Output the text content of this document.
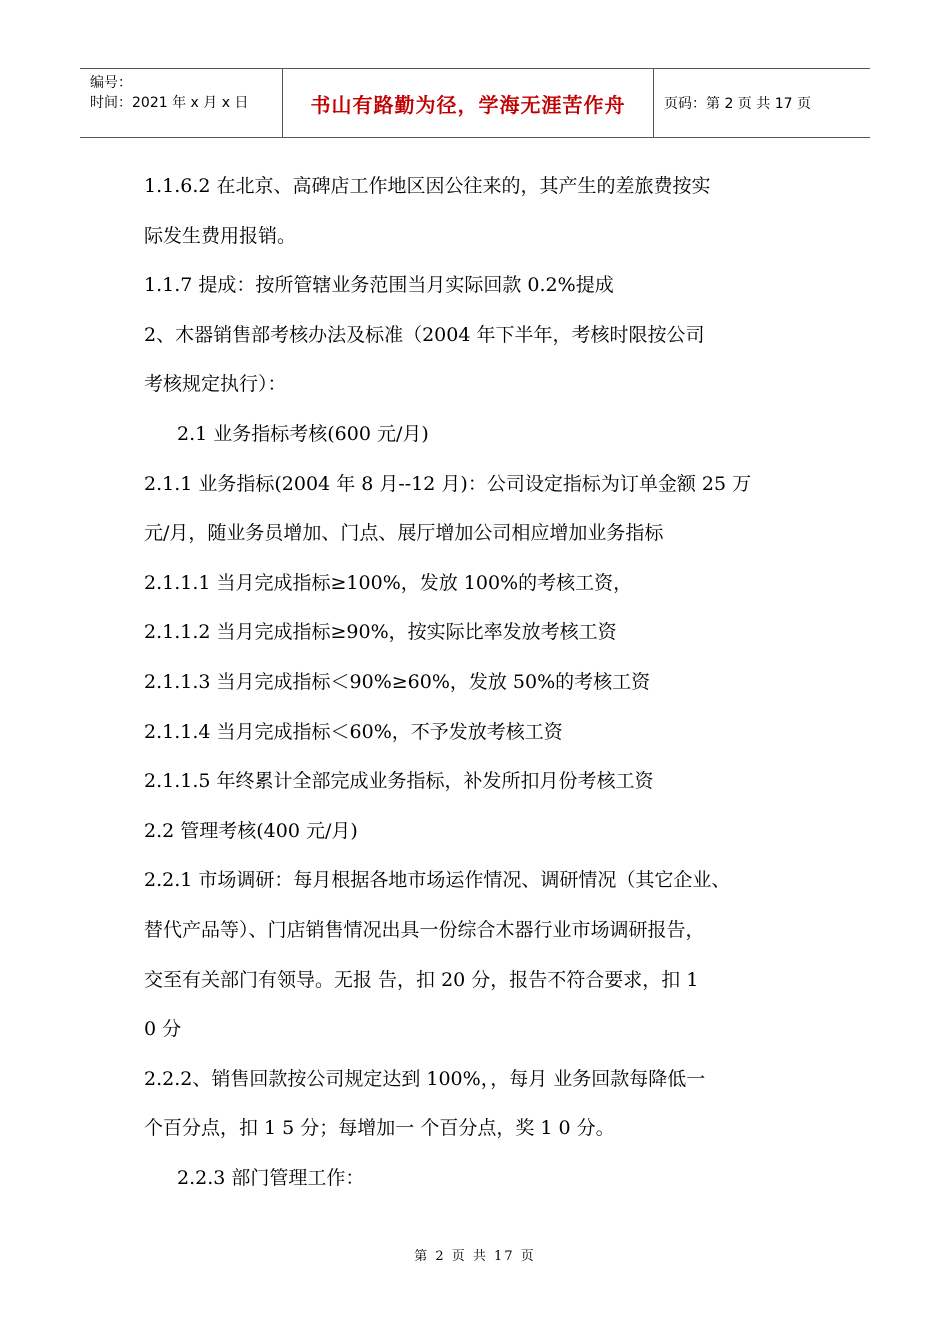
编号：
时间：2021 年 x 月 x 日	书山有路勤为径，学海无涯苦作舟	页码：第 2 页 共 17 页
1.1.6.2 在北京、高碑店工作地区因公往来的，其产生的差旅费按实
际发生费用报销。
1.1.7 提成：按所管辖业务范围当月实际回款 0.2%提成
2、木器销售部考核办法及标准（2004 年下半年，考核时限按公司
考核规定执行）：
2.1 业务指标考核(600 元/月)
2.1.1 业务指标(2004 年 8 月--12 月)：公司设定指标为订单金额 25 万
元/月，随业务员增加、门点、展厅增加公司相应增加业务指标
2.1.1.1 当月完成指标≥100%，发放 100%的考核工资，
2.1.1.2 当月完成指标≥90%，按实际比率发放考核工资
2.1.1.3 当月完成指标＜90%≥60%，发放 50%的考核工资
2.1.1.4 当月完成指标＜60%，不予发放考核工资
2.1.1.5 年终累计全部完成业务指标，补发所扣月份考核工资
2.2 管理考核(400 元/月)
2.2.1 市场调研：每月根据各地市场运作情况、调研情况（其它企业、
替代产品等）、门店销售情况出具一份综合木器行业市场调研报告，
交至有关部门有领导。无报 告，扣 20 分，报告不符合要求，扣 1
0 分
2.2.2、销售回款按公司规定达到 100%，，每月 业务回款每降低一
个百分点，扣 1 5 分；每增加一 个百分点，奖 1 0 分。
2.2.3 部门管理工作：
第 2 页 共 17 页
